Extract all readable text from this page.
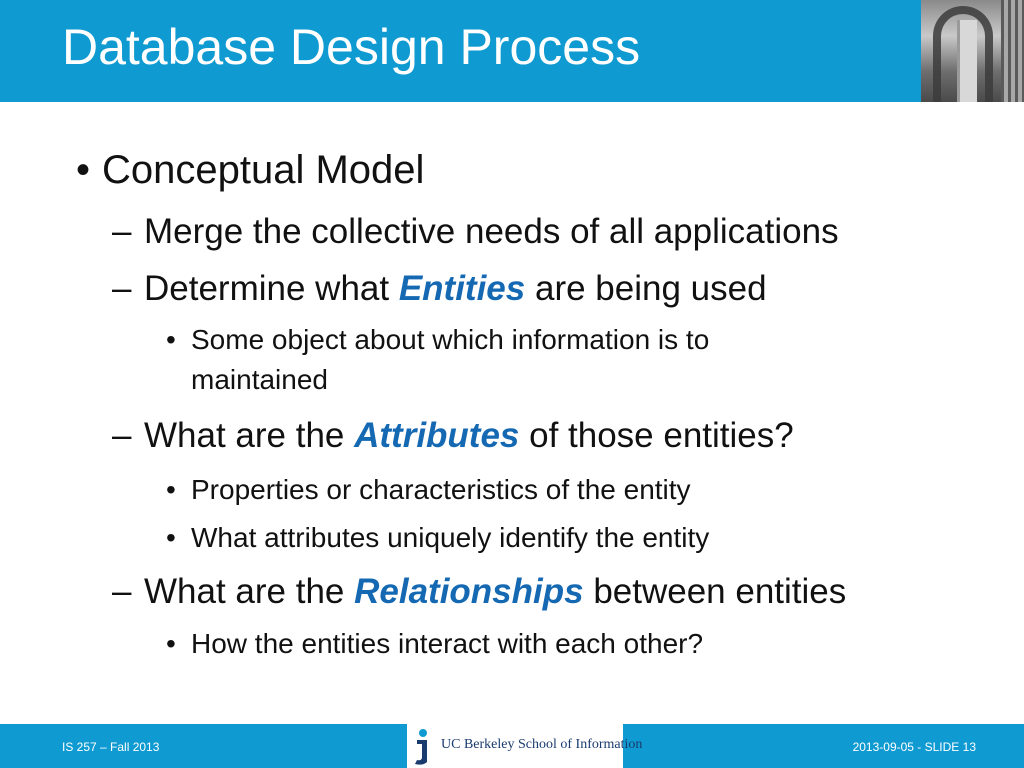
Database Design Process
• Conceptual Model
– Merge the collective needs of all applications
– Determine what Entities are being used
• Some object about which information is to
maintained
– What are the Attributes of those entities?
• Properties or characteristics of the entity
• What attributes uniquely identify the entity
– What are the Relationships between entities
• How the entities interact with each other?
IS 257 – Fall 2013	UC Berkeley School of Information	2013-09-05 - SLIDE 13
